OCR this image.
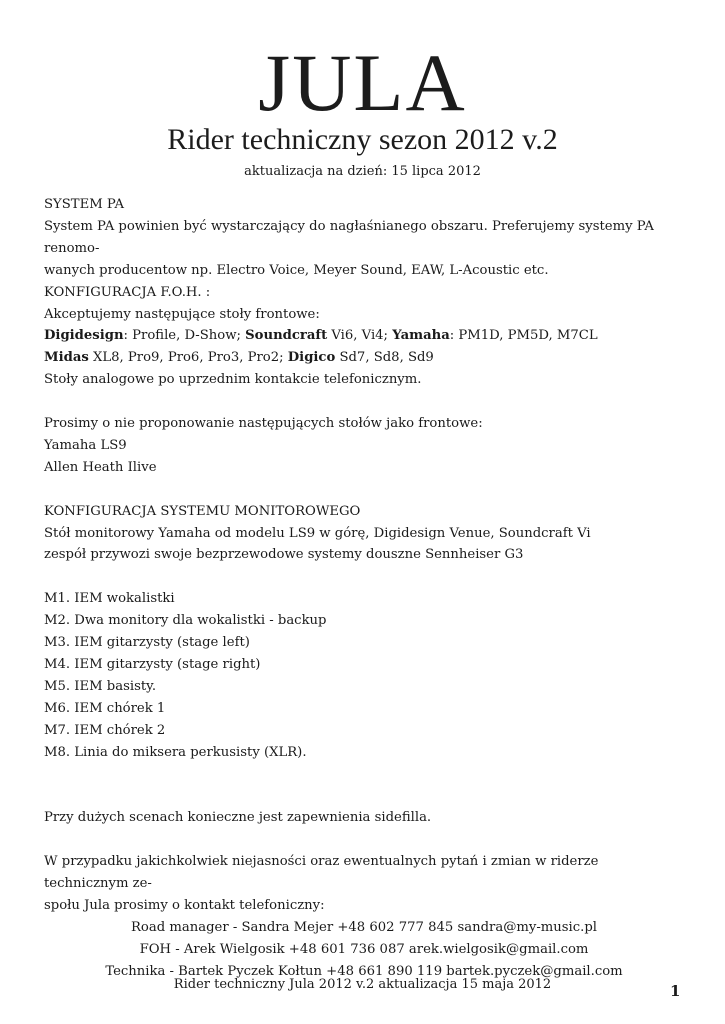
JULA
Rider techniczny sezon 2012 v.2
aktualizacja na dzień: 15 lipca 2012

SYSTEM PA

System PA powinien być wystarczający do nagłaśnianego obszaru. Preferujemy systemy PA renomo-
wanych producentow np. Electro Voice, Meyer Sound, EAW, L-Acoustic etc.

KONFIGURACJA F.O.H. :

Akceptujemy następujące stoły frontowe:

Digidesign: Profile, D-Show; Soundcraft Vi6, Vi4; Yamaha: PM1D, PM5D, M7CL

Midas XL8, Pro9, Pro6, Pro3, Pro2; Digico Sd7, Sd8, Sd9

Stoły analogowe po uprzednim kontakcie telefonicznym.

Prosimy o nie proponowanie następujących stołów jako frontowe:

Yamaha LS9

Allen Heath Ilive

KONFIGURACJA SYSTEMU MONITOROWEGO

Stół monitorowy Yamaha od modelu LS9 w górę, Digidesign Venue, Soundcraft Vi

zespół przywozi swoje bezprzewodowe systemy douszne Sennheiser G3

M1. IEM wokalistki

M2. Dwa monitory dla wokalistki - backup

M3. IEM gitarzysty (stage left)

M4. IEM gitarzysty (stage right)

M5. IEM basisty.

M6. IEM chórek 1

M7. IEM chórek 2

M8. Linia do miksera perkusisty (XLR).

Przy dużych scenach konieczne jest zapewnienia sidefilla.

W przypadku jakichkolwiek niejasności oraz ewentualnych pytań i zmian w riderze technicznym ze-
społu Jula prosimy o kontakt telefoniczny:

Road manager - Sandra Mejer +48 602 777 845 sandra@my-music.pl

FOH - Arek Wielgosik +48 601 736 087 arek.wielgosik@gmail.com

Technika - Bartek Pyczek Kołtun +48 661 890 119 bartek.pyczek@gmail.com

Rider techniczny Jula 2012 v.2 aktualizacja 15 maja 2012	1
